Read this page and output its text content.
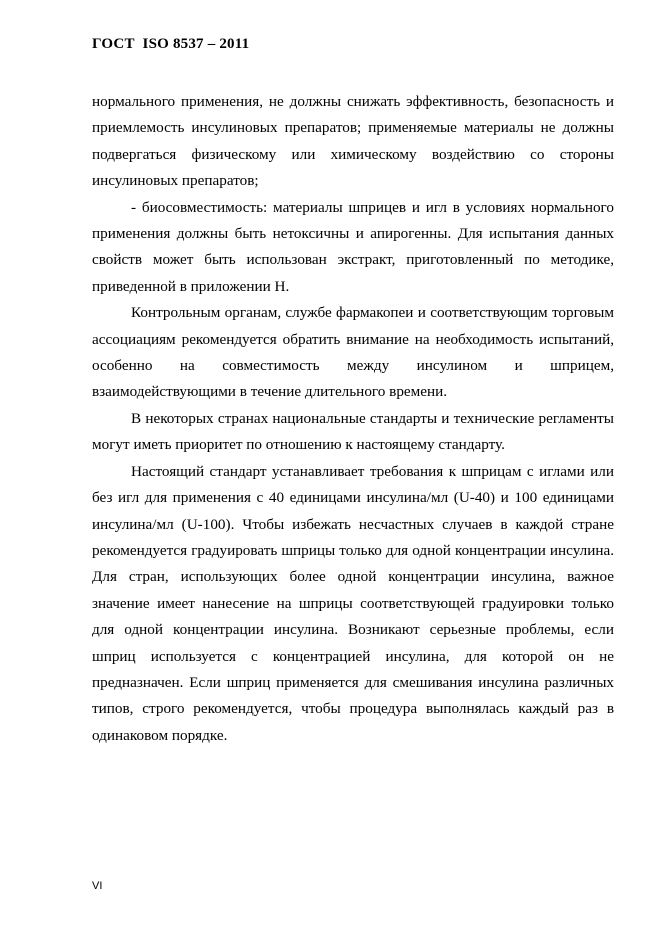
ГОСТ  ISO 8537 – 2011

нормального применения, не должны снижать эффективность, безопасность и приемлемость инсулиновых препаратов; применяемые материалы не должны подвергаться физическому или химическому воздействию со стороны инсулиновых препаратов;

- биосовместимость: материалы шприцев и игл в условиях нормального применения должны быть нетоксичны и апирогенны. Для испытания данных свойств может быть использован экстракт, приготовленный по методике, приведенной в приложении Н.

Контрольным органам, службе фармакопеи и соответствующим торговым ассоциациям рекомендуется обратить внимание на необходимость испытаний, особенно на совместимость между инсулином и шприцем, взаимодействующими в течение длительного времени.

В некоторых странах национальные стандарты и технические регламенты могут иметь приоритет по отношению к настоящему стандарту.

Настоящий стандарт устанавливает требования к шприцам с иглами или без игл для применения с 40 единицами инсулина/мл (U-40) и 100 единицами инсулина/мл (U-100). Чтобы избежать несчастных случаев в каждой стране рекомендуется градуировать шприцы только для одной концентрации инсулина. Для стран, использующих более одной концентрации инсулина, важное значение имеет нанесение на шприцы соответствующей градуировки только для одной концентрации инсулина. Возникают серьезные проблемы, если шприц используется с концентрацией инсулина, для которой он не предназначен. Если шприц применяется для смешивания инсулина различных типов, строго рекомендуется, чтобы процедура выполнялась каждый раз в одинаковом порядке.

VI
